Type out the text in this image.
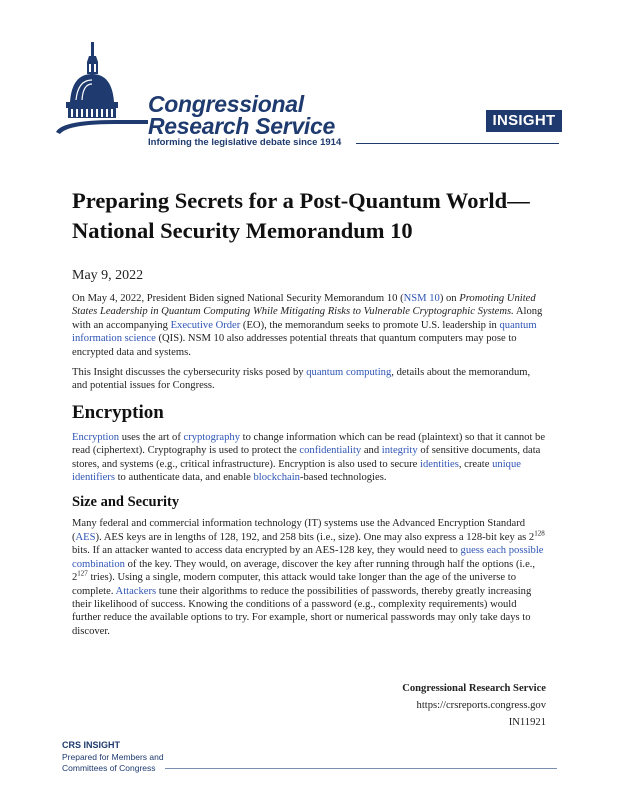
Congressional
Research Service
Informing the legislative debate since 1914
INSIGHT
Preparing Secrets for a Post-Quantum World—National Security Memorandum 10
May 9, 2022

On May 4, 2022, President Biden signed National Security Memorandum 10 (NSM 10) on Promoting United States Leadership in Quantum Computing While Mitigating Risks to Vulnerable Cryptographic Systems. Along with an accompanying Executive Order (EO), the memorandum seeks to promote U.S. leadership in quantum information science (QIS). NSM 10 also addresses potential threats that quantum computers may pose to encrypted data and systems.

This Insight discusses the cybersecurity risks posed by quantum computing, details about the memorandum, and potential issues for Congress.

Encryption

Encryption uses the art of cryptography to change information which can be read (plaintext) so that it cannot be read (ciphertext). Cryptography is used to protect the confidentiality and integrity of sensitive documents, data stores, and systems (e.g., critical infrastructure). Encryption is also used to secure identities, create unique identifiers to authenticate data, and enable blockchain-based technologies.

Size and Security

Many federal and commercial information technology (IT) systems use the Advanced Encryption Standard (AES). AES keys are in lengths of 128, 192, and 258 bits (i.e., size). One may also express a 128-bit key as $2^{128}$ bits. If an attacker wanted to access data encrypted by an AES-128 key, they would need to guess each possible combination of the key. They would, on average, discover the key after running through half the options (i.e., $2^{127}$ tries). Using a single, modern computer, this attack would take longer than the age of the universe to complete. Attackers tune their algorithms to reduce the possibilities of passwords, thereby greatly increasing their likelihood of success. Knowing the conditions of a password (e.g., complexity requirements) would further reduce the available options to try. For example, short or numerical passwords may only take days to discover.

Congressional Research Service
https://crsreports.congress.gov
IN11921
CRS INSIGHT
Prepared for Members and
Committees of Congress
